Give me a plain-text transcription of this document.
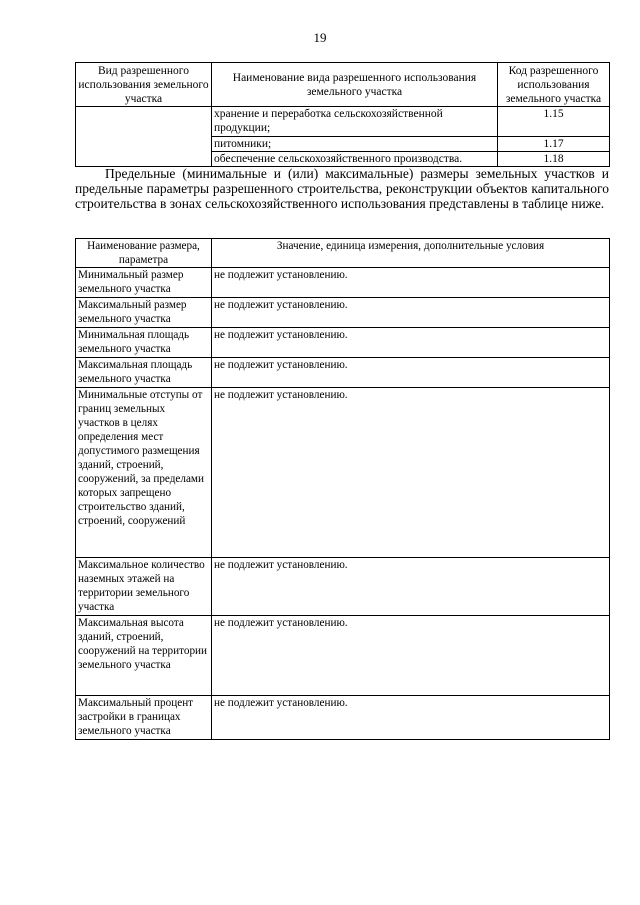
19
Вид разрешенного использования земельного участка	Наименование вида разрешенного использования земельного участка	Код разрешенного использования земельного участка
	хранение и переработка сельскохозяйственной продукции;	1.15
	питомники;	1.17
	обеспечение сельскохозяйственного производства.	1.18
Предельные (минимальные и (или) максимальные) размеры земельных участков и предельные параметры разрешенного строительства, реконструкции объектов капитального строительства в зонах сельскохозяйственного использования представлены в таблице ниже.
Наименование размера, параметра	Значение, единица измерения, дополнительные условия
Минимальный размер земельного участка	не подлежит установлению.
Максимальный размер земельного участка	не подлежит установлению.
Минимальная площадь земельного участка	не подлежит установлению.
Максимальная площадь земельного участка	не подлежит установлению.
Минимальные отступы от границ земельных участков в целях определения мест допустимого размещения зданий, строений, сооружений, за пределами которых запрещено строительство зданий, строений, сооружений	не подлежит установлению.
Максимальное количество наземных этажей на территории земельного участка	не подлежит установлению.
Максимальная высота зданий, строений, сооружений на территории земельного участка	не подлежит установлению.
Максимальный процент застройки в границах земельного участка	не подлежит установлению.
